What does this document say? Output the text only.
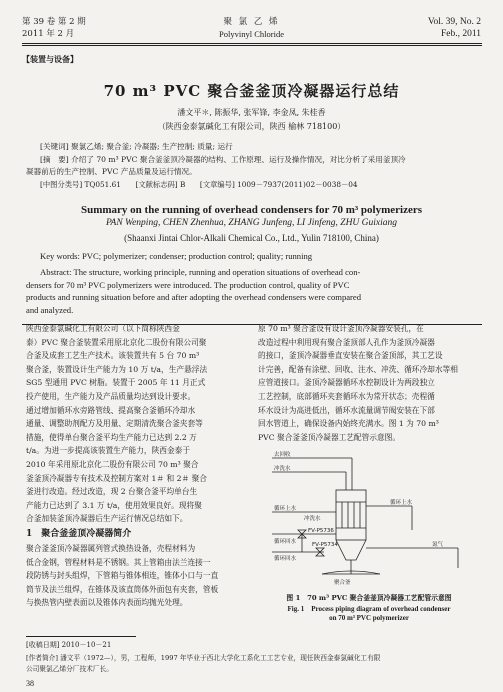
第 39 卷 第 2 期
2011 年 2 月
聚 氯 乙 烯
Polyvinyl Chloride
Vol. 39, No. 2
Feb., 2011
【装置与设备】
70 m³ PVC 聚合釜釜顶冷凝器运行总结
潘文平＊, 陈振华, 张军锋, 李金凤, 朱桂香
（陕西金泰氯碱化工有限公司，陕西 榆林 718100）
[关键词] 聚氯乙烯; 聚合釜; 冷凝器; 生产控制; 质量; 运行
[摘　要] 介绍了 70 m³ PVC 聚合釜釜顶冷凝器的结构、工作原理、运行及操作情况，对比分析了采用釜顶冷
凝器前后的生产控制、PVC 产品质量及运行情况。
[中图分类号] TQ051.61　　[文献标志码] B　　[文章编号] 1009－7937(2011)02－0038－04
Summary on the running of overhead condensers for 70 m³ polymerizers
PAN Wenping, CHEN Zhenhua, ZHANG Junfeng, LI Jinfeng, ZHU Guixiang
(Shaanxi Jintai Chlor-Alkali Chemical Co., Ltd., Yulin 718100, China)
Key words: PVC; polymerizer; condenser; production control; quality; running
Abstract: The structure, working principle, running and operation situations of overhead con-
densers for 70 m³ PVC polymerizers were introduced. The production control, quality of PVC
products and running situation before and after adopting the overhead condensers were compared
and analyzed.
陕西金泰氯碱化工有限公司（以下简称陕西金
泰）PVC 聚合釜装置采用原北京化二股份有限公司聚
合釜及成套工艺生产技术。该装置共有 5 台 70 m³
聚合釜，装置设计生产能力为 10 万 t/a，生产悬浮法
SG5 型通用 PVC 树脂。装置于 2005 年 11 月正式
投产使用，生产能力及产品质量均达到设计要求。
通过增加循环水旁路管线、提高聚合釜循环冷却水
通量、调整助剂配方及用量、定期清洗聚合釜夹套等
措施，使得单台聚合釜平均生产能力已达到 2.2 万
t/a。为进一步提高该装置生产能力，陕西金泰于
2010 年采用原北京化二股份有限公司 70 m³ 聚合
釜釜顶冷凝器专有技术及控制方案对 1＃ 和 2＃ 聚合
釜进行改造。经过改造，现 2 台聚合釜平均单台生
产能力已达到了 3.1 万 t/a，使用效果良好。现将聚
合釜加装釜顶冷凝器后生产运行情况总结如下。
1　聚合釜釜顶冷凝器简介
聚合釜釜顶冷凝器属列管式换热设备，壳程材料为
低合金钢，管程材料是不锈钢。其上管箱由法兰连接一
段防锈与封头组焊，下管箱与锥体相连，锥体小口与一直
筒节及法兰组焊，在锥体及该直筒体外面包有夹套，管板
与换热管内壁表面以及锥体内表面均抛光处理。
原 70 m³ 聚合釜设有设计釜顶冷凝器安装孔，在
改造过程中利用现有聚合釜顶部人孔作为釜顶冷凝器
的接口，釜顶冷凝器垂直安装在聚合釜顶部，其工艺设
计完善，配备有涂壁、回收、注水、冲洗、循环冷却水等相
应管道接口。釜顶冷凝器循环水控制设计为两段独立
工艺控制，底部循环夹套循环水为常开状态；壳程循
环水设计为高进低出，循环水流量调节阀安装在下部
回水管道上，确保设备内始终充满水。图 1 为 70 m³
PVC 聚合釜釜顶冷凝器工艺配管示意图。
去回收
冲洗水
循环上水
冲洗水
FV-P5736
循环回水	FV-P5734
循环回水
循环上水
氮气
聚合釜
图 1　70 m³ PVC 聚合釜釜顶冷凝器工艺配管示意图
Fig. 1　Process piping diagram of overhead condenser
on 70 m³ PVC polymerizer
[收稿日期] 2010－10－21
[作者简介] 潘文平（1972—），男，工程师，1997 年毕业于西北大学化工系化工工艺专业，现任陕西金泰氯碱化工有限
公司聚氯乙烯分厂技术厂长。
38
